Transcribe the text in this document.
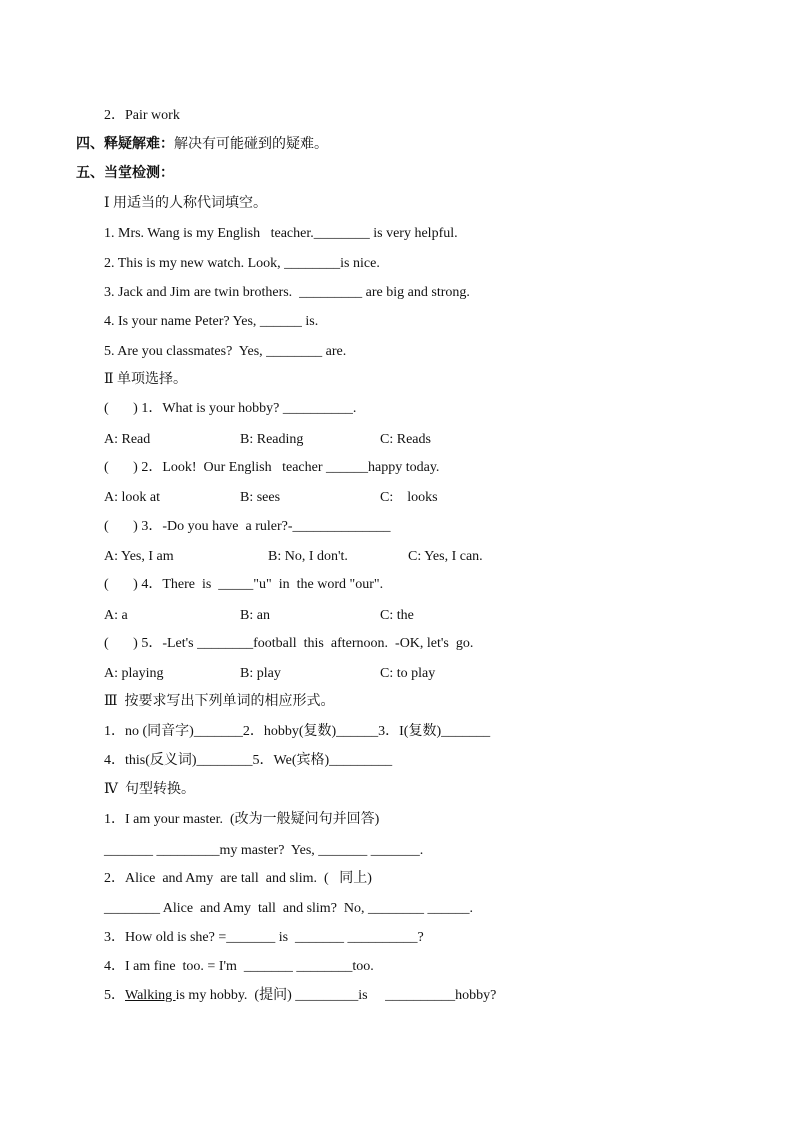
2．Pair work
四、释疑解难：解决有可能碰到的疑难。
五、当堂检测：
Ⅰ 用适当的人称代词填空。
1. Mrs. Wang is my English   teacher.________ is very helpful.
2. This is my new watch. Look, ________is nice.
3. Jack and Jim are twin brothers.  _________ are big and strong.
4. Is your name Peter? Yes, ______ is.
5. Are you classmates?  Yes, ________ are.
Ⅱ 单项选择。
(       ) 1．What is your hobby? __________.
A: Read	B: Reading	C: Reads
(       ) 2．Look!  Our English   teacher ______happy today.
A: look at	B: sees	C:    looks
(       ) 3．-Do you have  a ruler?-______________
A: Yes, I am	B: No, I don't.	C: Yes, I can.
(       ) 4．There  is  _____"u"  in  the word "our".
A: a	B: an	C: the
(       ) 5．-Let's ________football  this  afternoon.  -OK, let's  go.
A: playing	B: play	C: to play
Ⅲ  按要求写出下列单词的相应形式。
1．no (同音字)_______2．hobby(复数)______3．I(复数)_______
4．this(反义词)________5．We(宾格)_________
Ⅳ  句型转换。
1．I am your master.  (改为一般疑问句并回答)
_______ _________my master?  Yes, _______ _______.
2．Alice  and Amy  are tall  and slim.  (   同上)
________ Alice  and Amy  tall  and slim?  No, ________ ______.
3．How old is she? =_______ is  _______ __________?
4．I am fine  too. = I'm  _______ ________too.
5．Walking is my hobby.  (提问) _________is     __________hobby?
